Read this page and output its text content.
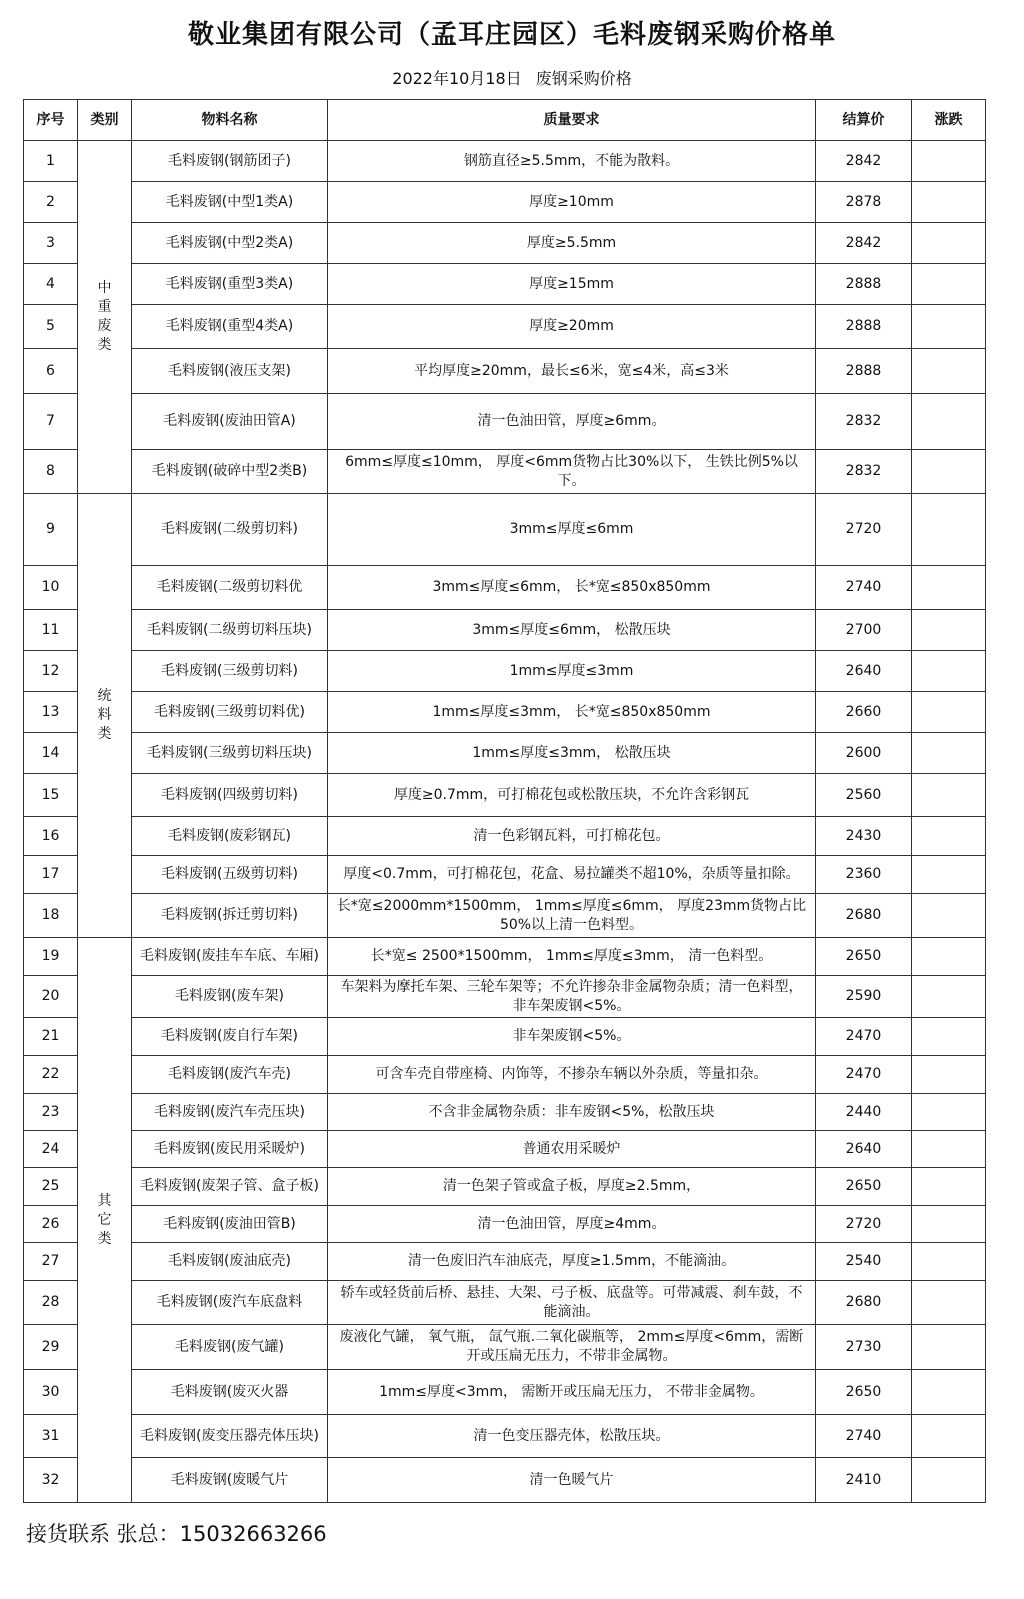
敬业集团有限公司（孟耳庄园区）毛料废钢采购价格单
2022年10月18日 废钢采购价格
序号	类别	物料名称	质量要求	结算价	涨跌
1	中重废类	毛料废钢(钢筋团子)	钢筋直径≥5.5mm，不能为散料。	2842	
2		毛料废钢(中型1类A)	厚度≥10mm	2878	
3		毛料废钢(中型2类A)	厚度≥5.5mm	2842	
4		毛料废钢(重型3类A)	厚度≥15mm	2888	
5		毛料废钢(重型4类A)	厚度≥20mm	2888	
6		毛料废钢(液压支架)	平均厚度≥20mm，最长≤6米，宽≤4米，高≤3米	2888	
7		毛料废钢(废油田管A)	清一色油田管，厚度≥6mm。	2832	
8		毛料废钢(破碎中型2类B)	6mm≤厚度≤10mm， 厚度<6mm货物占比30%以下， 生铁比例5%以下。	2832	
9	统料类	毛料废钢(二级剪切料)	3mm≤厚度≤6mm	2720	
10		毛料废钢(二级剪切料优	3mm≤厚度≤6mm， 长*宽≤850x850mm	2740	
11		毛料废钢(二级剪切料压块)	3mm≤厚度≤6mm， 松散压块	2700	
12		毛料废钢(三级剪切料)	1mm≤厚度≤3mm	2640	
13		毛料废钢(三级剪切料优)	1mm≤厚度≤3mm， 长*宽≤850x850mm	2660	
14		毛料废钢(三级剪切料压块)	1mm≤厚度≤3mm， 松散压块	2600	
15		毛料废钢(四级剪切料)	厚度≥0.7mm，可打棉花包或松散压块，不允许含彩钢瓦	2560	
16		毛料废钢(废彩钢瓦)	清一色彩钢瓦料，可打棉花包。	2430	
17		毛料废钢(五级剪切料)	厚度<0.7mm，可打棉花包，花盒、易拉罐类不超10%，杂质等量扣除。	2360	
18		毛料废钢(拆迁剪切料)	长*宽≤2000mm*1500mm， 1mm≤厚度≤6mm， 厚度23mm货物占比50%以上清一色料型。	2680	
19	其它类	毛料废钢(废挂车车底、车厢)	长*宽≤ 2500*1500mm， 1mm≤厚度≤3mm， 清一色料型。	2650	
20		毛料废钢(废车架)	车架料为摩托车架、三轮车架等；不允许掺杂非金属物杂质；清一色料型，非车架废钢<5%。	2590	
21		毛料废钢(废自行车架)	非车架废钢<5%。	2470	
22		毛料废钢(废汽车壳)	可含车壳自带座椅、内饰等，不掺杂车辆以外杂质，等量扣杂。	2470	
23		毛料废钢(废汽车壳压块)	不含非金属物杂质：非车废钢<5%，松散压块	2440	
24		毛料废钢(废民用采暖炉)	普通农用采暖炉	2640	
25		毛料废钢(废架子管、盒子板)	清一色架子管或盒子板，厚度≥2.5mm，	2650	
26		毛料废钢(废油田管B)	清一色油田管，厚度≥4mm。	2720	
27		毛料废钢(废油底壳)	清一色废旧汽车油底壳，厚度≥1.5mm，不能滴油。	2540	
28		毛料废钢(废汽车底盘料	轿车或轻货前后桥、悬挂、大架、弓子板、底盘等。可带减震、刹车鼓，不能滴油。	2680	
29		毛料废钢(废气罐)	废液化气罐， 氧气瓶， 氙气瓶.二氧化碳瓶等， 2mm≤厚度<6mm，需断开或压扁无压力，不带非金属物。	2730	
30		毛料废钢(废灭火器	1mm≤厚度<3mm， 需断开或压扁无压力， 不带非金属物。	2650	
31		毛料废钢(废变压器壳体压块)	清一色变压器壳体，松散压块。	2740	
32		毛料废钢(废暖气片	清一色暖气片	2410	
接货联系 张总：15032663266
